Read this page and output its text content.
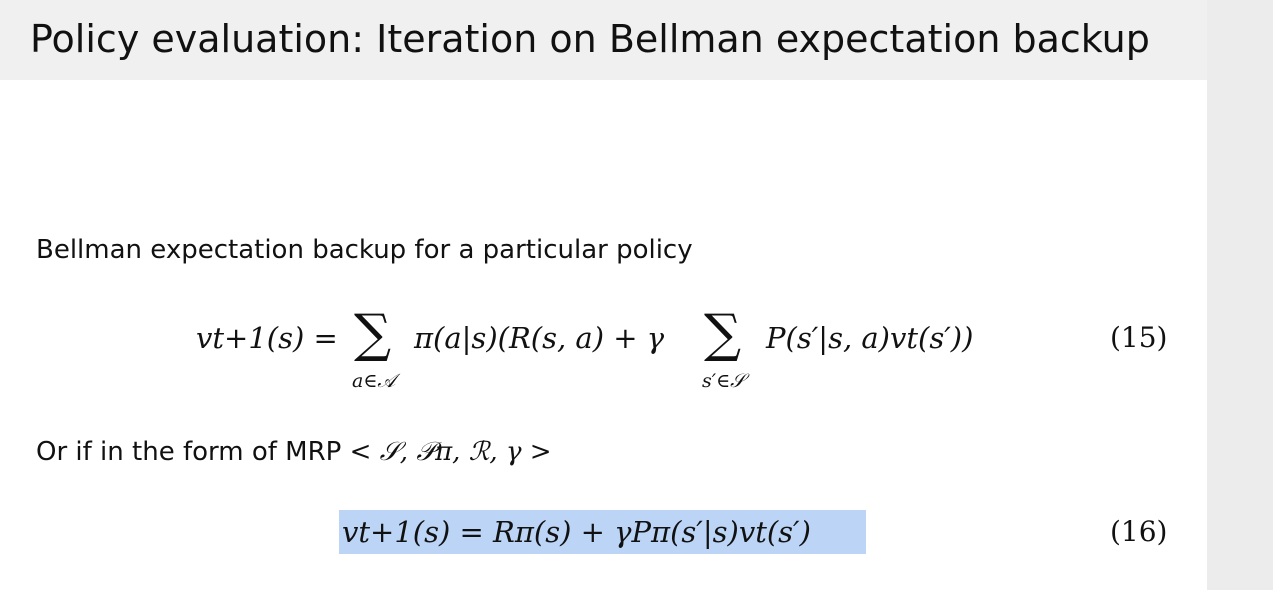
Policy evaluation: Iteration on Bellman expectation backup
Bellman expectation backup for a particular policy
vt+1(s) = ∑
a∈𝒜
π(a|s)(R(s, a) + γ ∑
s′∈𝒮
P(s′|s, a)vt(s′))	(15)
Or if in the form of MRP < 𝒮, 𝒫π, ℛ, γ >
vt+1(s) = Rπ(s) + γPπ(s′|s)vt(s′)	(16)
